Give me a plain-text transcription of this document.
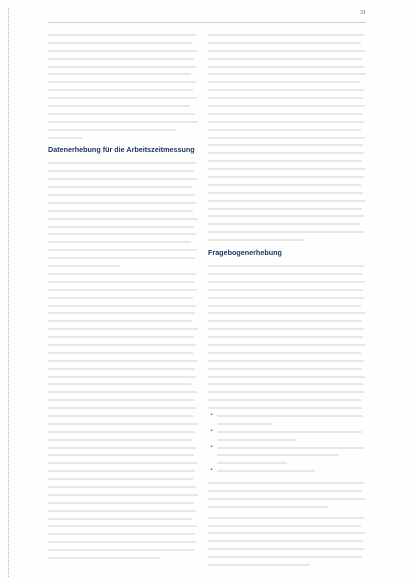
31
Datenerhebung für die Arbeitszeitmessung
Fragebogenerhebung
•
•
•
•
